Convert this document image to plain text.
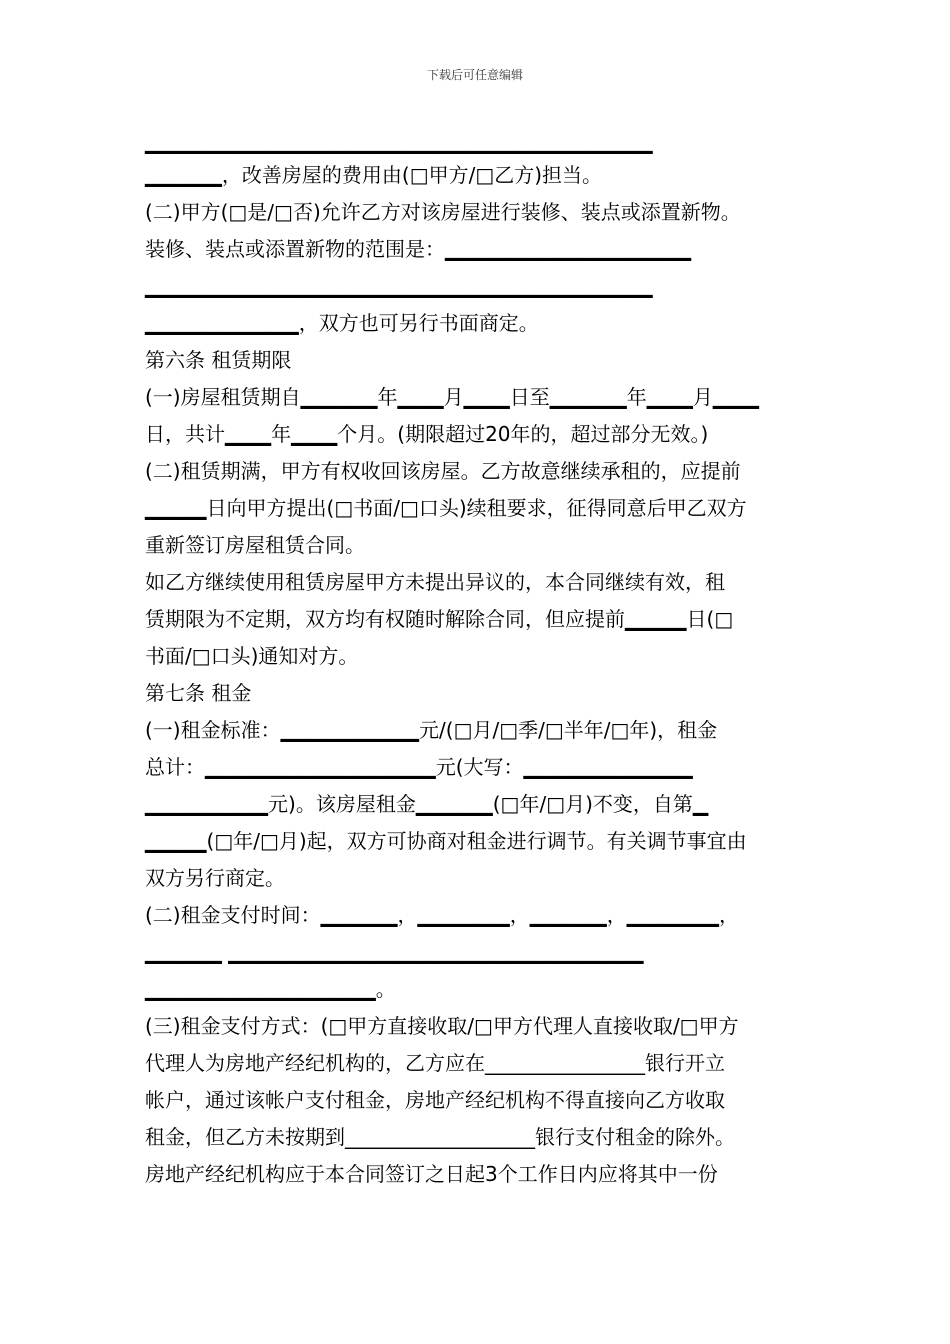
下载后可任意编辑
▁▁▁▁▁▁▁▁▁▁▁▁▁▁▁▁▁▁▁▁▁▁▁▁▁▁▁▁▁▁▁▁▁
▁▁▁▁▁，改善房屋的费用由(□甲方/□乙方)担当。
(二)甲方(□是/□否)允许乙方对该房屋进行装修、装点或添置新物。
装修、装点或添置新物的范围是：▁▁▁▁▁▁▁▁▁▁▁▁▁▁▁▁
▁▁▁▁▁▁▁▁▁▁▁▁▁▁▁▁▁▁▁▁▁▁▁▁▁▁▁▁▁▁▁▁▁
▁▁▁▁▁▁▁▁▁▁，双方也可另行书面商定。
第六条 租赁期限
(一)房屋租赁期自▁▁▁▁▁年▁▁▁月▁▁▁日至▁▁▁▁▁年▁▁▁月▁▁▁
日，共计▁▁▁年▁▁▁个月。(期限超过20年的，超过部分无效。)
(二)租赁期满，甲方有权收回该房屋。乙方故意继续承租的，应提前
▁▁▁▁日向甲方提出(□书面/□口头)续租要求，征得同意后甲乙双方
重新签订房屋租赁合同。
如乙方继续使用租赁房屋甲方未提出异议的，本合同继续有效，租
赁期限为不定期，双方均有权随时解除合同，但应提前▁▁▁▁日(□
书面/□口头)通知对方。
第七条 租金
(一)租金标准：▁▁▁▁▁▁▁▁▁元/(□月/□季/□半年/□年)，租金
总计：▁▁▁▁▁▁▁▁▁▁▁▁▁▁▁元(大写：▁▁▁▁▁▁▁▁▁▁▁
▁▁▁▁▁▁▁▁元)。该房屋租金▁▁▁▁▁(□年/□月)不变，自第▁
▁▁▁▁(□年/□月)起，双方可协商对租金进行调节。有关调节事宜由
双方另行商定。
(二)租金支付时间：▁▁▁▁▁，▁▁▁▁▁▁，▁▁▁▁▁，▁▁▁▁▁▁，
▁▁▁▁▁ ▁▁▁▁▁▁▁▁▁▁▁▁▁▁▁▁▁▁▁▁▁▁▁▁▁▁▁
▁▁▁▁▁▁▁▁▁▁▁▁▁▁▁。
(三)租金支付方式：(□甲方直接收取/□甲方代理人直接收取/□甲方
代理人为房地产经纪机构的，乙方应在________________银行开立
帐户，通过该帐户支付租金，房地产经纪机构不得直接向乙方收取
租金，但乙方未按期到___________________银行支付租金的除外。
房地产经纪机构应于本合同签订之日起3个工作日内应将其中一份
